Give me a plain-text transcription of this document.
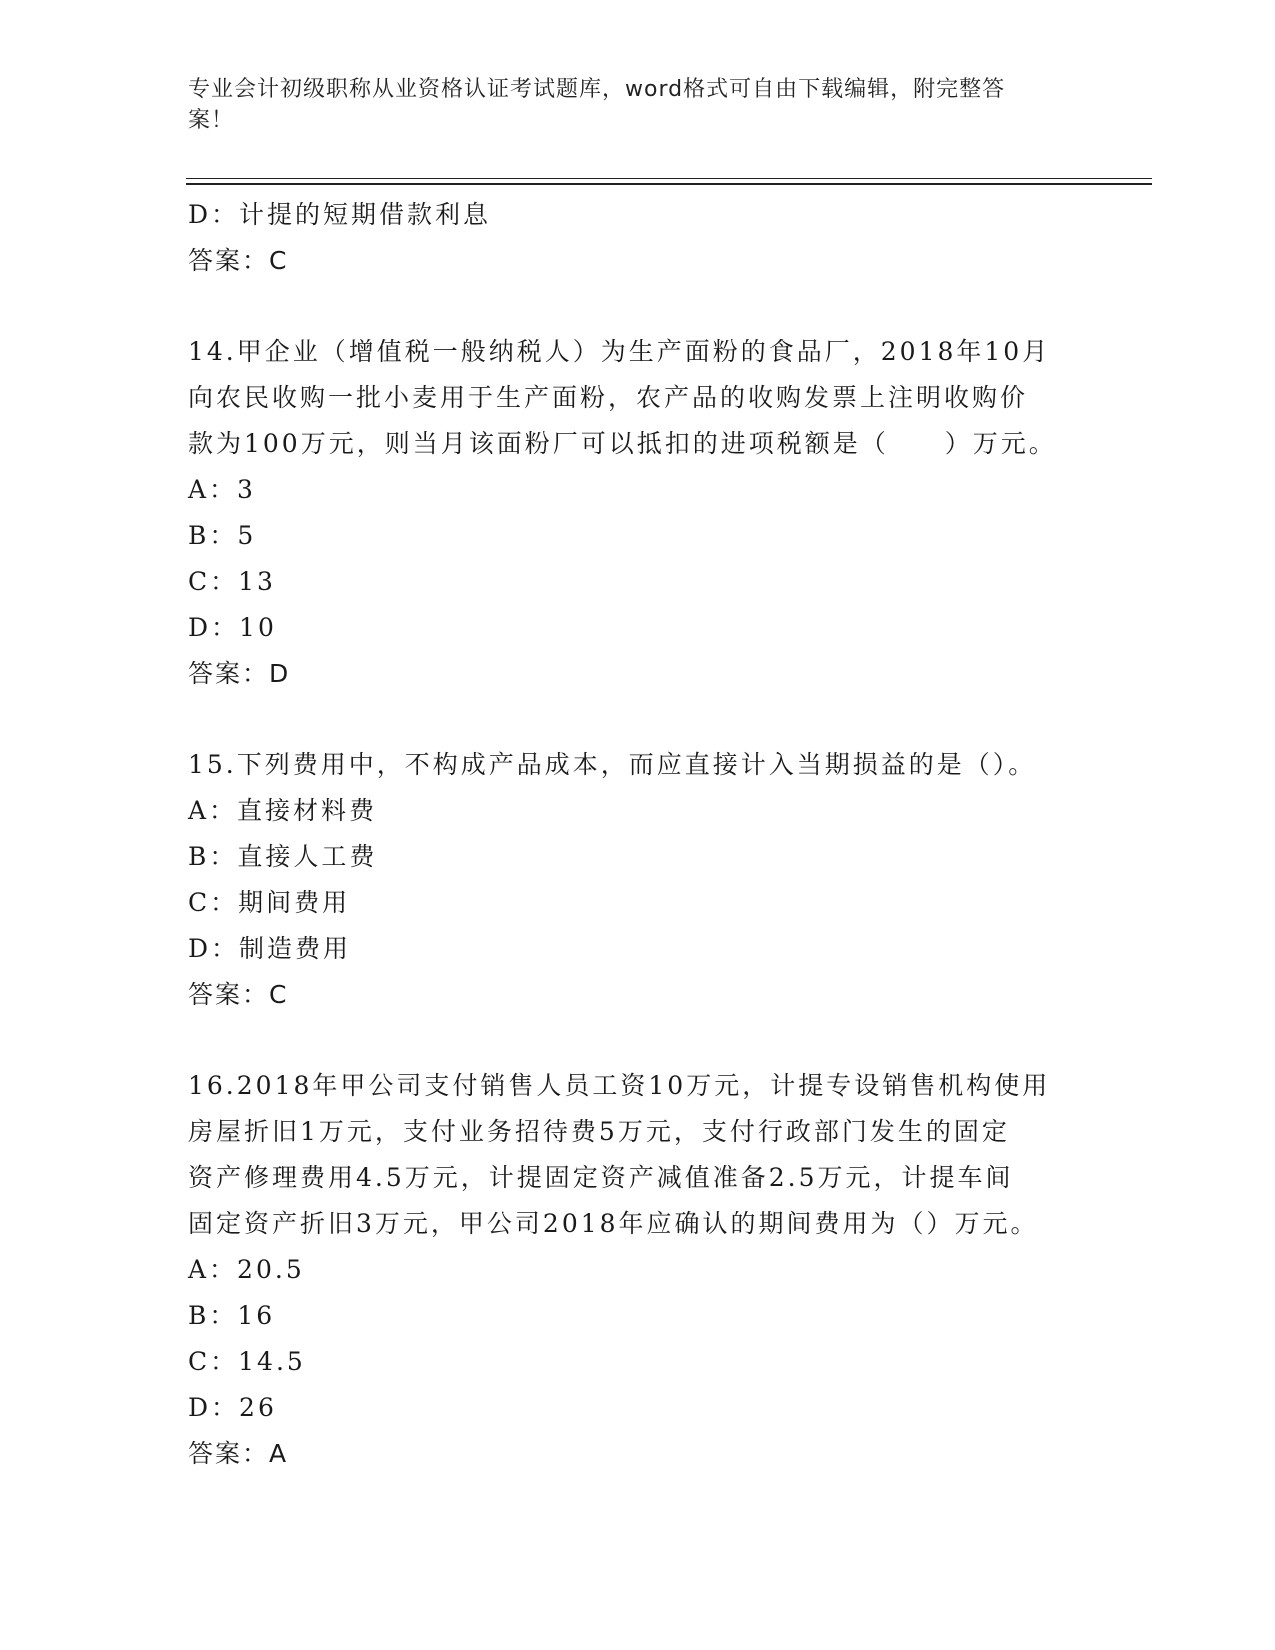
专业会计初级职称从业资格认证考试题库，word格式可自由下载编辑，附完整答
案！
D：计提的短期借款利息
答案：C
14.甲企业（增值税一般纳税人）为生产面粉的食品厂，2018年10月
向农民收购一批小麦用于生产面粉，农产品的收购发票上注明收购价
款为100万元，则当月该面粉厂可以抵扣的进项税额是（　　）万元。
A：3
B：5
C：13
D：10
答案：D
15.下列费用中，不构成产品成本，而应直接计入当期损益的是（）。
A：直接材料费
B：直接人工费
C：期间费用
D：制造费用
答案：C
16.2018年甲公司支付销售人员工资10万元，计提专设销售机构使用
房屋折旧1万元，支付业务招待费5万元，支付行政部门发生的固定
资产修理费用4.5万元，计提固定资产减值准备2.5万元，计提车间
固定资产折旧3万元，甲公司2018年应确认的期间费用为（）万元。
A：20.5
B：16
C：14.5
D：26
答案：A
